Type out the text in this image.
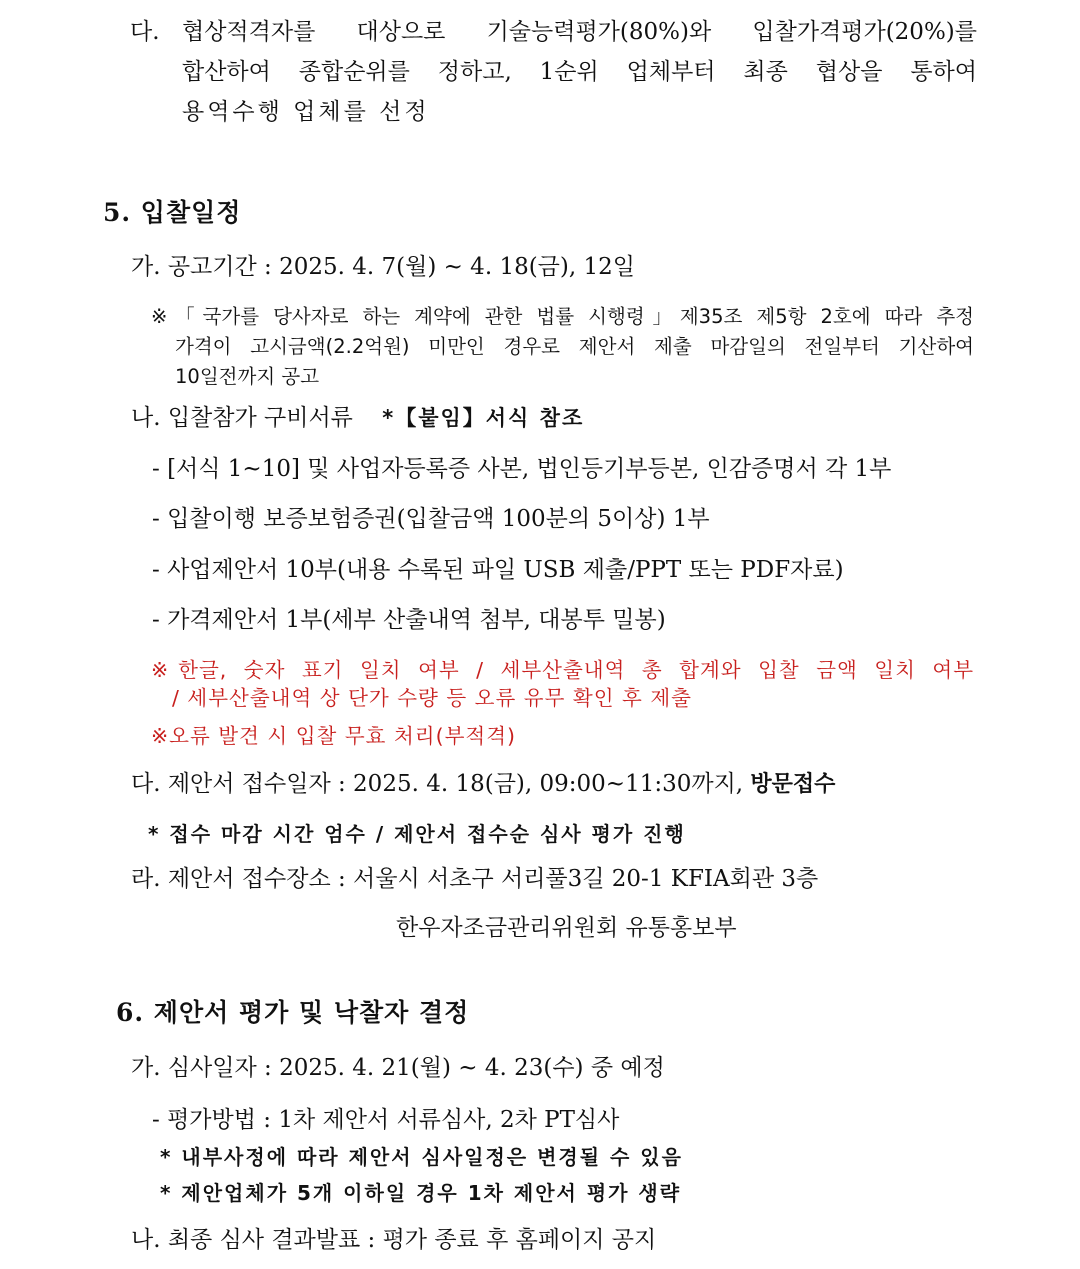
다. 협상적격자를 대상으로 기술능력평가(80%)와 입찰가격평가(20%)를
합산하여 종합순위를 정하고, 1순위 업체부터 최종 협상을 통하여
용역수행 업체를 선정
5. 입찰일정
가. 공고기간 : 2025. 4. 7(월) ~ 4. 18(금), 12일
※「국가를 당사자로 하는 계약에 관한 법률 시행령」제35조 제5항 2호에 따라 추정
가격이 고시금액(2.2억원) 미만인 경우로 제안서 제출 마감일의 전일부터 기산하여
10일전까지 공고
나. 입찰참가 구비서류 *【붙임】서식 참조
- [서식 1~10] 및 사업자등록증 사본, 법인등기부등본, 인감증명서 각 1부
- 입찰이행 보증보험증권(입찰금액 100분의 5이상) 1부
- 사업제안서 10부(내용 수록된 파일 USB 제출/PPT 또는 PDF자료)
- 가격제안서 1부(세부 산출내역 첨부, 대봉투 밀봉)
※한글, 숫자 표기 일치 여부 / 세부산출내역 총 합계와 입찰 금액 일치 여부
/ 세부산출내역 상 단가 수량 등 오류 유무 확인 후 제출
※오류 발견 시 입찰 무효 처리(부적격)
다. 제안서 접수일자 : 2025. 4. 18(금), 09:00~11:30까지, 방문접수
* 접수 마감 시간 엄수 / 제안서 접수순 심사 평가 진행
라. 제안서 접수장소 : 서울시 서초구 서리풀3길 20-1 KFIA회관 3층
한우자조금관리위원회 유통홍보부
6. 제안서 평가 및 낙찰자 결정
가. 심사일자 : 2025. 4. 21(월) ~ 4. 23(수) 중 예정
- 평가방법 : 1차 제안서 서류심사, 2차 PT심사
* 내부사정에 따라 제안서 심사일정은 변경될 수 있음
* 제안업체가 5개 이하일 경우 1차 제안서 평가 생략
나. 최종 심사 결과발표 : 평가 종료 후 홈페이지 공지
